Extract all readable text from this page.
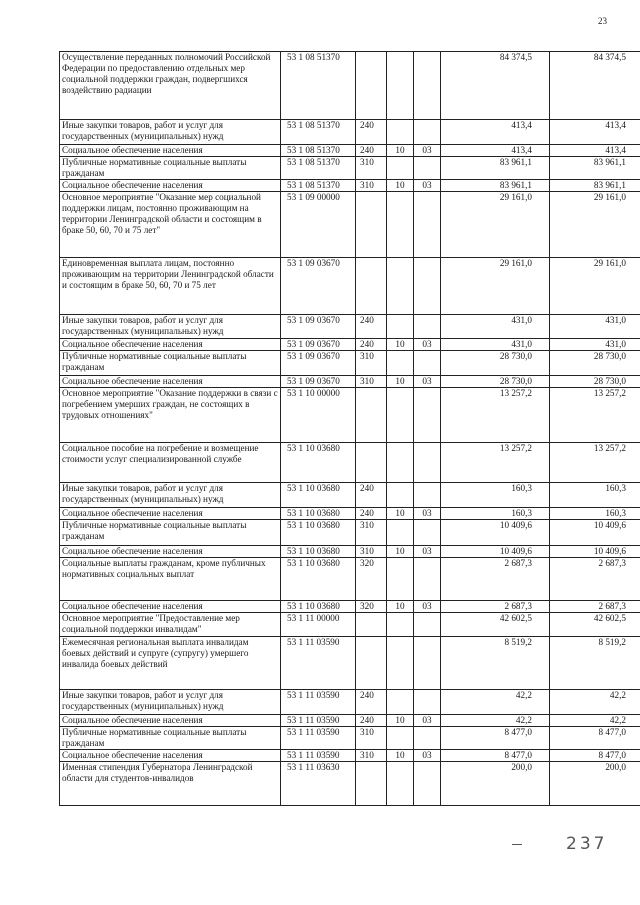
23
Осуществление переданных полномочий Российской Федерации по предоставлению отдельных мер социальной поддержки граждан, подвергшихся воздействию радиации	53 1 08 51370				84 374,5	84 374,5
Иные закупки товаров, работ и услуг для государственных (муниципальных) нужд	53 1 08 51370	240			413,4	413,4
Социальное обеспечение населения	53 1 08 51370	240	10	03	413,4	413,4
Публичные нормативные социальные выплаты гражданам	53 1 08 51370	310			83 961,1	83 961,1
Социальное обеспечение населения	53 1 08 51370	310	10	03	83 961,1	83 961,1
Основное мероприятие "Оказание мер социальной поддержки лицам, постоянно проживающим на территории Ленинградской области и состоящим в браке 50, 60, 70 и 75 лет"	53 1 09 00000				29 161,0	29 161,0
Единовременная выплата лицам, постоянно проживающим на территории Ленинградской области и состоящим в браке 50, 60, 70 и 75 лет	53 1 09 03670				29 161,0	29 161,0
Иные закупки товаров, работ и услуг для государственных (муниципальных) нужд	53 1 09 03670	240			431,0	431,0
Социальное обеспечение населения	53 1 09 03670	240	10	03	431,0	431,0
Публичные нормативные социальные выплаты гражданам	53 1 09 03670	310			28 730,0	28 730,0
Социальное обеспечение населения	53 1 09 03670	310	10	03	28 730,0	28 730,0
Основное мероприятие "Оказание поддержки в связи с погребением умерших граждан, не состоящих в трудовых отношениях"	53 1 10 00000				13 257,2	13 257,2
Социальное пособие на погребение и возмещение стоимости услуг специализированной службе	53 1 10 03680				13 257,2	13 257,2
Иные закупки товаров, работ и услуг для государственных (муниципальных) нужд	53 1 10 03680	240			160,3	160,3
Социальное обеспечение населения	53 1 10 03680	240	10	03	160,3	160,3
Публичные нормативные социальные выплаты гражданам	53 1 10 03680	310			10 409,6	10 409,6
Социальное обеспечение населения	53 1 10 03680	310	10	03	10 409,6	10 409,6
Социальные выплаты гражданам, кроме публичных нормативных социальных выплат	53 1 10 03680	320			2 687,3	2 687,3
Социальное обеспечение населения	53 1 10 03680	320	10	03	2 687,3	2 687,3
Основное мероприятие "Предоставление мер социальной поддержки инвалидам"	53 1 11 00000				42 602,5	42 602,5
Ежемесячная региональная выплата инвалидам боевых действий и супруге (супругу) умершего инвалида боевых действий	53 1 11 03590				8 519,2	8 519,2
Иные закупки товаров, работ и услуг для государственных (муниципальных) нужд	53 1 11 03590	240			42,2	42,2
Социальное обеспечение населения	53 1 11 03590	240	10	03	42,2	42,2
Публичные нормативные социальные выплаты гражданам	53 1 11 03590	310			8 477,0	8 477,0
Социальное обеспечение населения	53 1 11 03590	310	10	03	8 477,0	8 477,0
Именная стипендия Губернатора Ленинградской области для студентов-инвалидов	53 1 11 03630				200,0	200,0
237
